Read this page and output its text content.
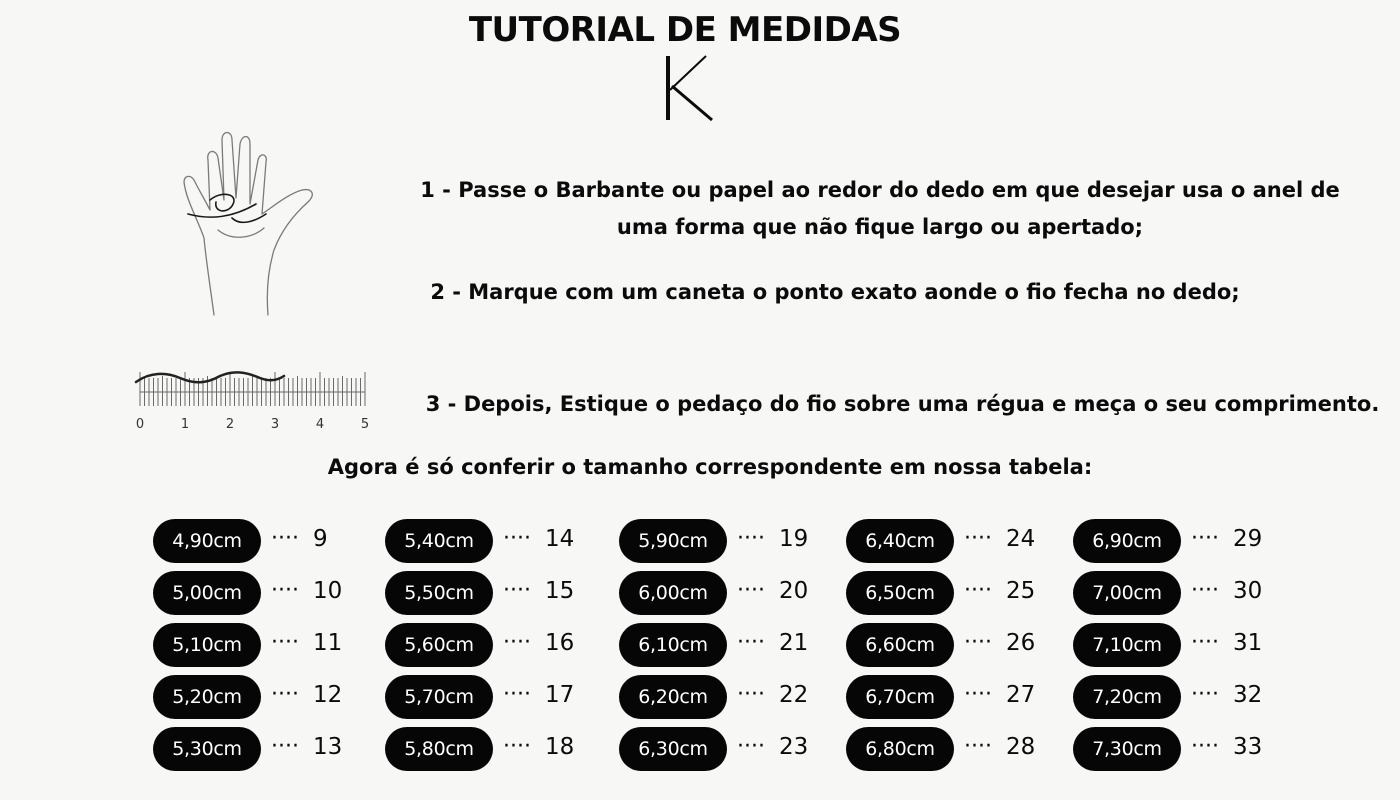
TUTORIAL DE MEDIDAS
0	1	2	3	4	5
1 - Passe o Barbante ou papel ao redor do dedo em que desejar usa o anel de uma forma que não fique largo ou apertado;
2 - Marque com um caneta o ponto exato aonde o fio fecha no dedo;
3 - Depois, Estique o pedaço do fio sobre uma régua e meça o seu comprimento.
Agora é só conferir o tamanho correspondente em nossa tabela:
4,90cm	···· 9
5,00cm	···· 10
5,10cm	···· 11
5,20cm	···· 12
5,30cm	···· 13
5,40cm	···· 14
5,50cm	···· 15
5,60cm	···· 16
5,70cm	···· 17
5,80cm	···· 18
5,90cm	···· 19
6,00cm	···· 20
6,10cm	···· 21
6,20cm	···· 22
6,30cm	···· 23
6,40cm	···· 24
6,50cm	···· 25
6,60cm	···· 26
6,70cm	···· 27
6,80cm	···· 28
6,90cm	···· 29
7,00cm	···· 30
7,10cm	···· 31
7,20cm	···· 32
7,30cm	···· 33
